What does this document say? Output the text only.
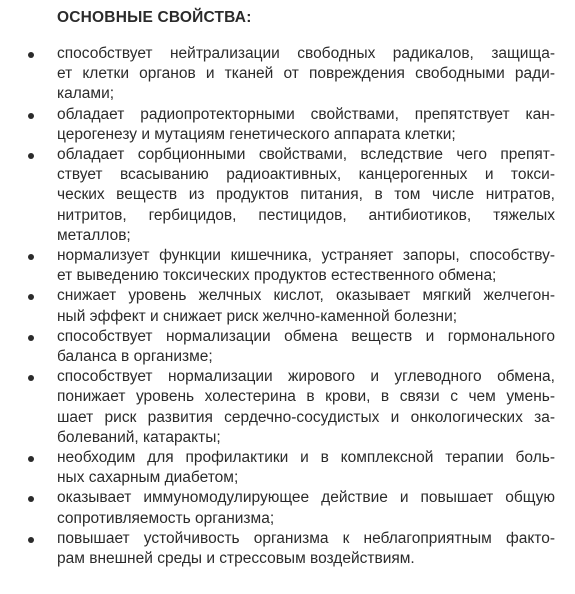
ОСНОВНЫЕ СВОЙСТВА:
способствует нейтрализации свободных радикалов, защища-
ет клетки органов и тканей от повреждения свободными ради-
калами;
обладает радиопротекторными свойствами, препятствует кан-
церогенезу и мутациям генетического аппарата клетки;
обладает сорбционными свойствами, вследствие чего препят-
ствует всасыванию радиоактивных, канцерогенных и токси-
ческих веществ из продуктов питания, в том числе нитратов,
нитритов, гербицидов, пестицидов, антибиотиков, тяжелых
металлов;
нормализует функции кишечника, устраняет запоры, способству-
ет выведению токсических продуктов естественного обмена;
снижает уровень желчных кислот, оказывает мягкий желчегон-
ный эффект и снижает риск желчно-каменной болезни;
способствует нормализации обмена веществ и гормонального
баланса в организме;
способствует нормализации жирового и углеводного обмена,
понижает уровень холестерина в крови, в связи с чем умень-
шает риск развития сердечно-сосудистых и онкологических за-
болеваний, катаракты;
необходим для профилактики и в комплексной терапии боль-
ных сахарным диабетом;
оказывает иммуномодулирующее действие и повышает общую
сопротивляемость организма;
повышает устойчивость организма к неблагоприятным факто-
рам внешней среды и стрессовым воздействиям.
